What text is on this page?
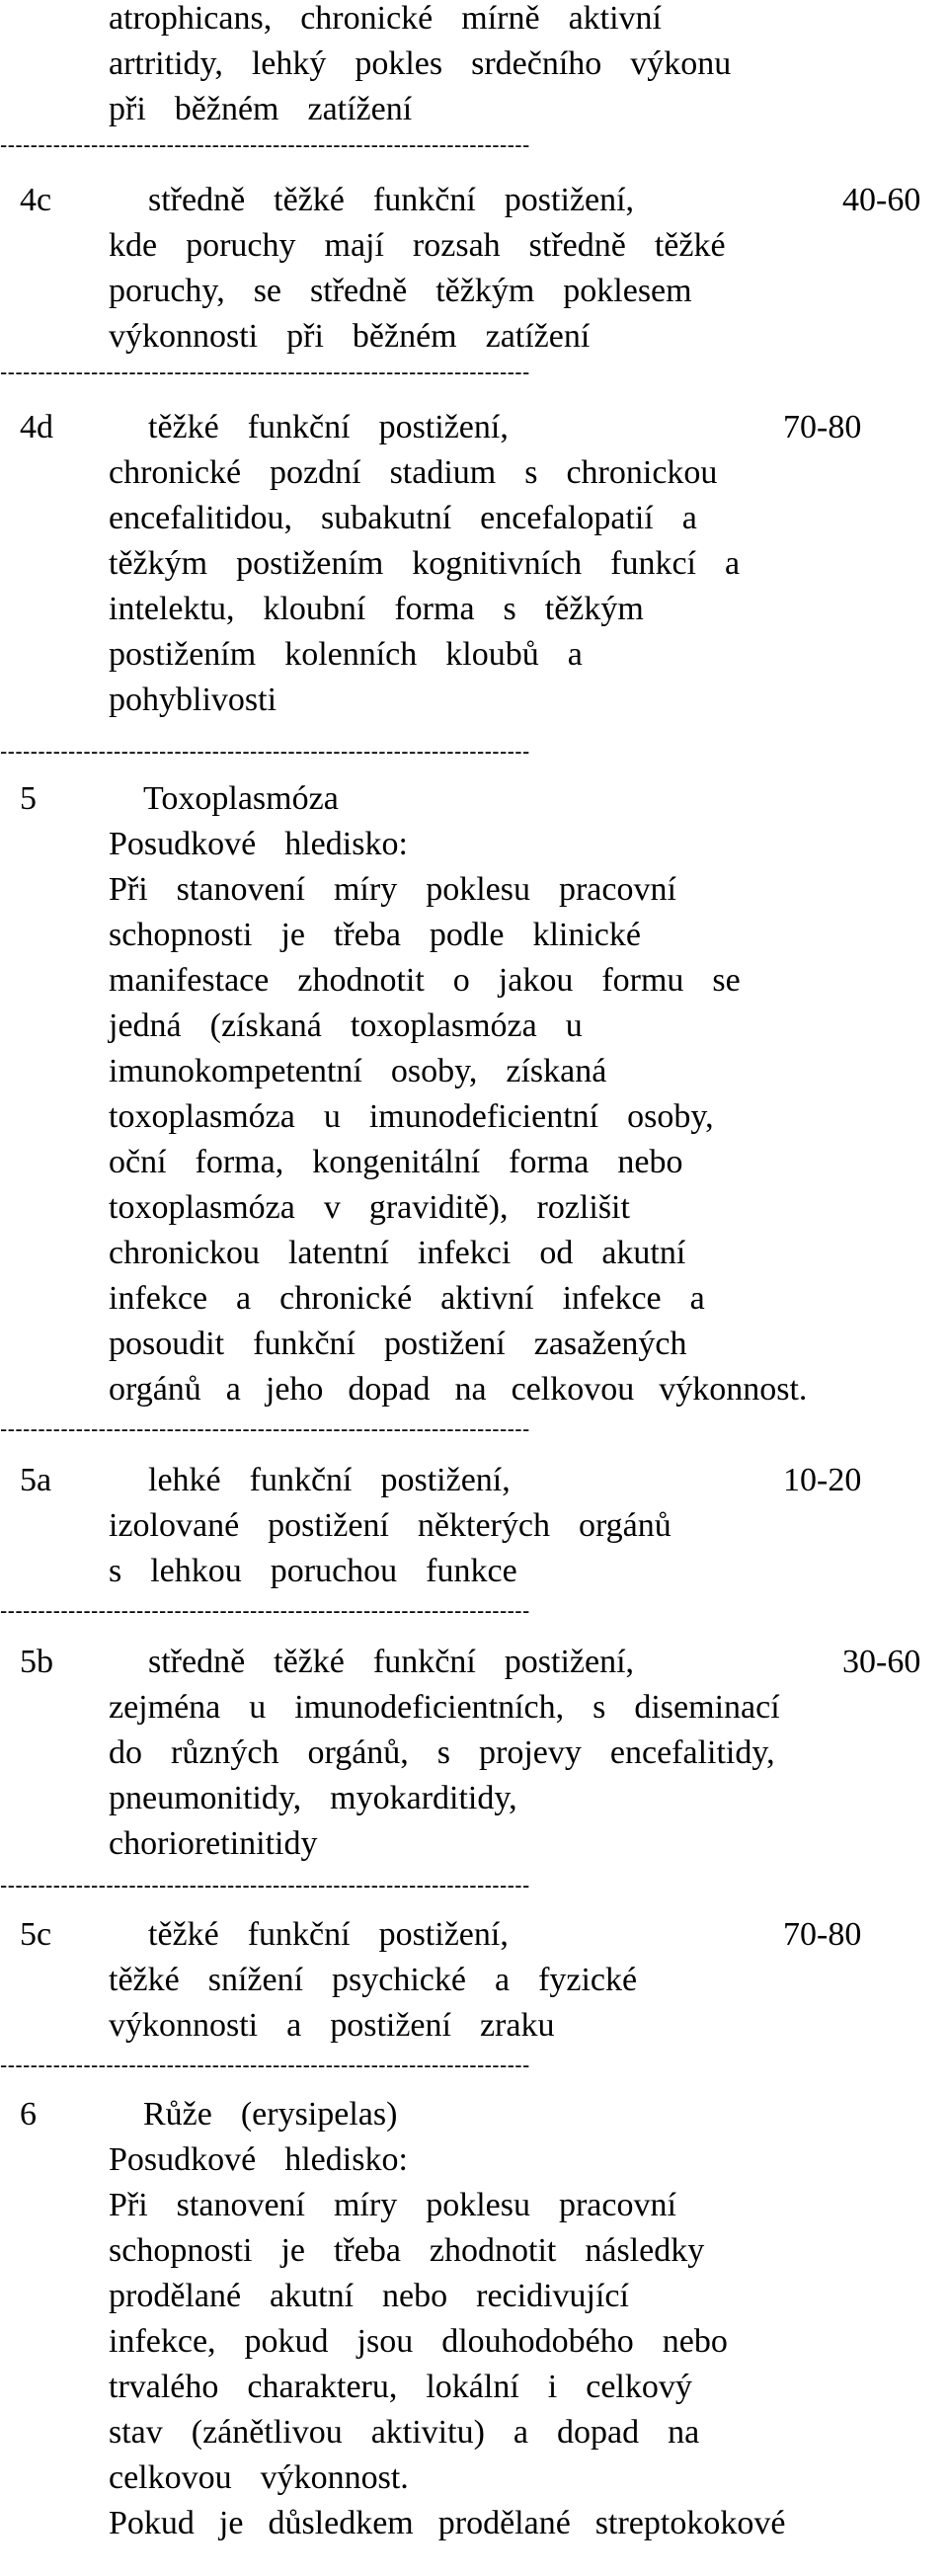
atrophicans,  chronické  mírně  aktivní
artritidy,  lehký  pokles  srdečního  výkonu
při  běžném  zatížení
----------------------------------------------------------------------
4c	středně  těžké  funkční  postižení,	40-60
kde  poruchy  mají  rozsah  středně  těžké
poruchy,  se  středně  těžkým  poklesem
výkonnosti  při  běžném  zatížení
----------------------------------------------------------------------
4d	těžké  funkční  postižení,	70-80
chronické  pozdní  stadium  s  chronickou
encefalitidou,  subakutní  encefalopatií  a
těžkým  postižením  kognitivních  funkcí  a
intelektu,  kloubní  forma  s  těžkým
postižením  kolenních  kloubů  a
pohyblivosti
----------------------------------------------------------------------
5	Toxoplasmóza
Posudkové  hledisko:
Při  stanovení  míry  poklesu  pracovní
schopnosti  je  třeba  podle  klinické
manifestace  zhodnotit  o  jakou  formu  se
jedná  (získaná  toxoplasmóza  u
imunokompetentní  osoby,  získaná
toxoplasmóza  u  imunodeficientní  osoby,
oční  forma,  kongenitální  forma  nebo
toxoplasmóza  v  graviditě),  rozlišit
chronickou  latentní  infekci  od  akutní
infekce  a  chronické  aktivní  infekce  a
posoudit  funkční  postižení  zasažených
orgánů  a  jeho  dopad  na  celkovou  výkonnost.
----------------------------------------------------------------------
5a	lehké  funkční  postižení,	10-20
izolované  postižení  některých  orgánů
s  lehkou  poruchou  funkce
----------------------------------------------------------------------
5b	středně  těžké  funkční  postižení,	30-60
zejména  u  imunodeficientních,  s  diseminací
do  různých  orgánů,  s  projevy  encefalitidy,
pneumonitidy,  myokarditidy,
chorioretinitidy
----------------------------------------------------------------------
5c	těžké  funkční  postižení,	70-80
těžké  snížení  psychické  a  fyzické
výkonnosti  a  postižení  zraku
----------------------------------------------------------------------
6	Růže  (erysipelas)
Posudkové  hledisko:
Při  stanovení  míry  poklesu  pracovní
schopnosti  je  třeba  zhodnotit  následky
prodělané  akutní  nebo  recidivující
infekce,  pokud  jsou  dlouhodobého  nebo
trvalého  charakteru,  lokální  i  celkový
stav  (zánětlivou  aktivitu)  a  dopad  na
celkovou  výkonnost.
Pokud  je  důsledkem  prodělané  streptokokové
